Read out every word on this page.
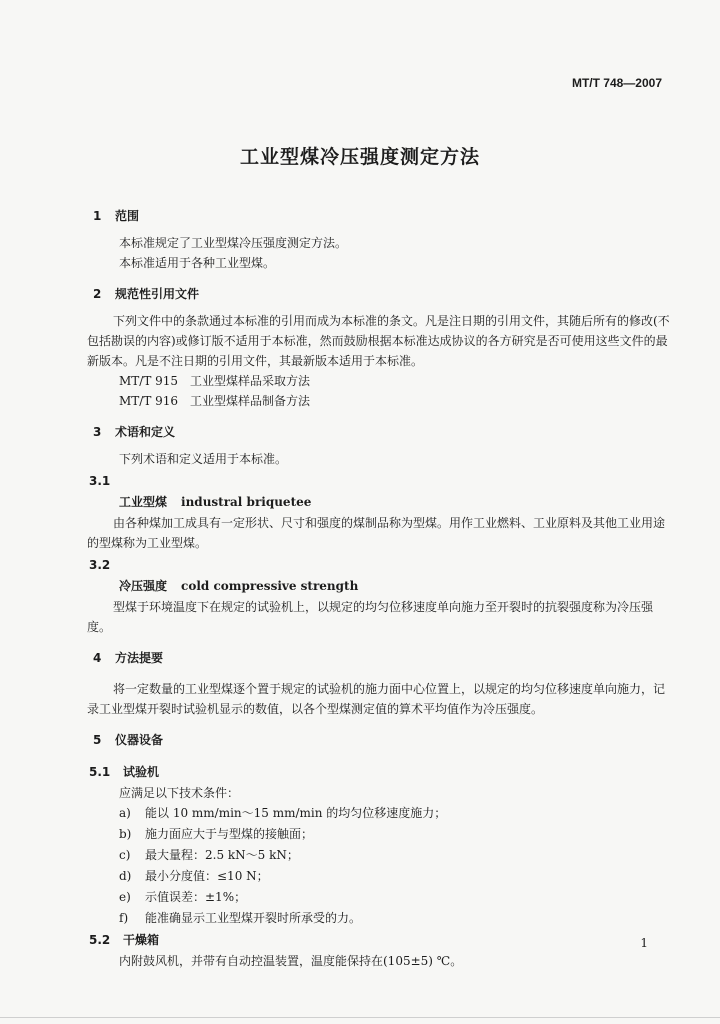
MT/T 748—2007
工业型煤冷压强度测定方法
1 范围

本标准规定了工业型煤冷压强度测定方法。

本标准适用于各种工业型煤。

2 规范性引用文件

下列文件中的条款通过本标准的引用而成为本标准的条文。凡是注日期的引用文件，其随后所有的修改(不包括勘误的内容)或修订版不适用于本标准，然而鼓励根据本标准达成协议的各方研究是否可使用这些文件的最新版本。凡是不注日期的引用文件，其最新版本适用于本标准。

MT/T 915　工业型煤样品采取方法

MT/T 916　工业型煤样品制备方法

3 术语和定义

下列术语和定义适用于本标准。

3.1
工业型煤 industral briquetee

由各种煤加工成具有一定形状、尺寸和强度的煤制品称为型煤。用作工业燃料、工业原料及其他工业用途的型煤称为工业型煤。

3.2
冷压强度 cold compressive strength

型煤于环境温度下在规定的试验机上，以规定的均匀位移速度单向施力至开裂时的抗裂强度称为冷压强度。

4 方法提要

将一定数量的工业型煤逐个置于规定的试验机的施力面中心位置上，以规定的均匀位移速度单向施力，记录工业型煤开裂时试验机显示的数值，以各个型煤测定值的算术平均值作为冷压强度。

5 仪器设备
5.1 试验机

应满足以下技术条件：

a) 能以 10 mm/min～15 mm/min 的均匀位移速度施力；
b) 施力面应大于与型煤的接触面；
c) 最大量程：2.5 kN～5 kN；
d) 最小分度值：≤10 N；
e) 示值误差：±1%；
f) 能准确显示工业型煤开裂时所承受的力。
5.2 干燥箱

内附鼓风机，并带有自动控温装置，温度能保持在(105±5) ℃。

1
